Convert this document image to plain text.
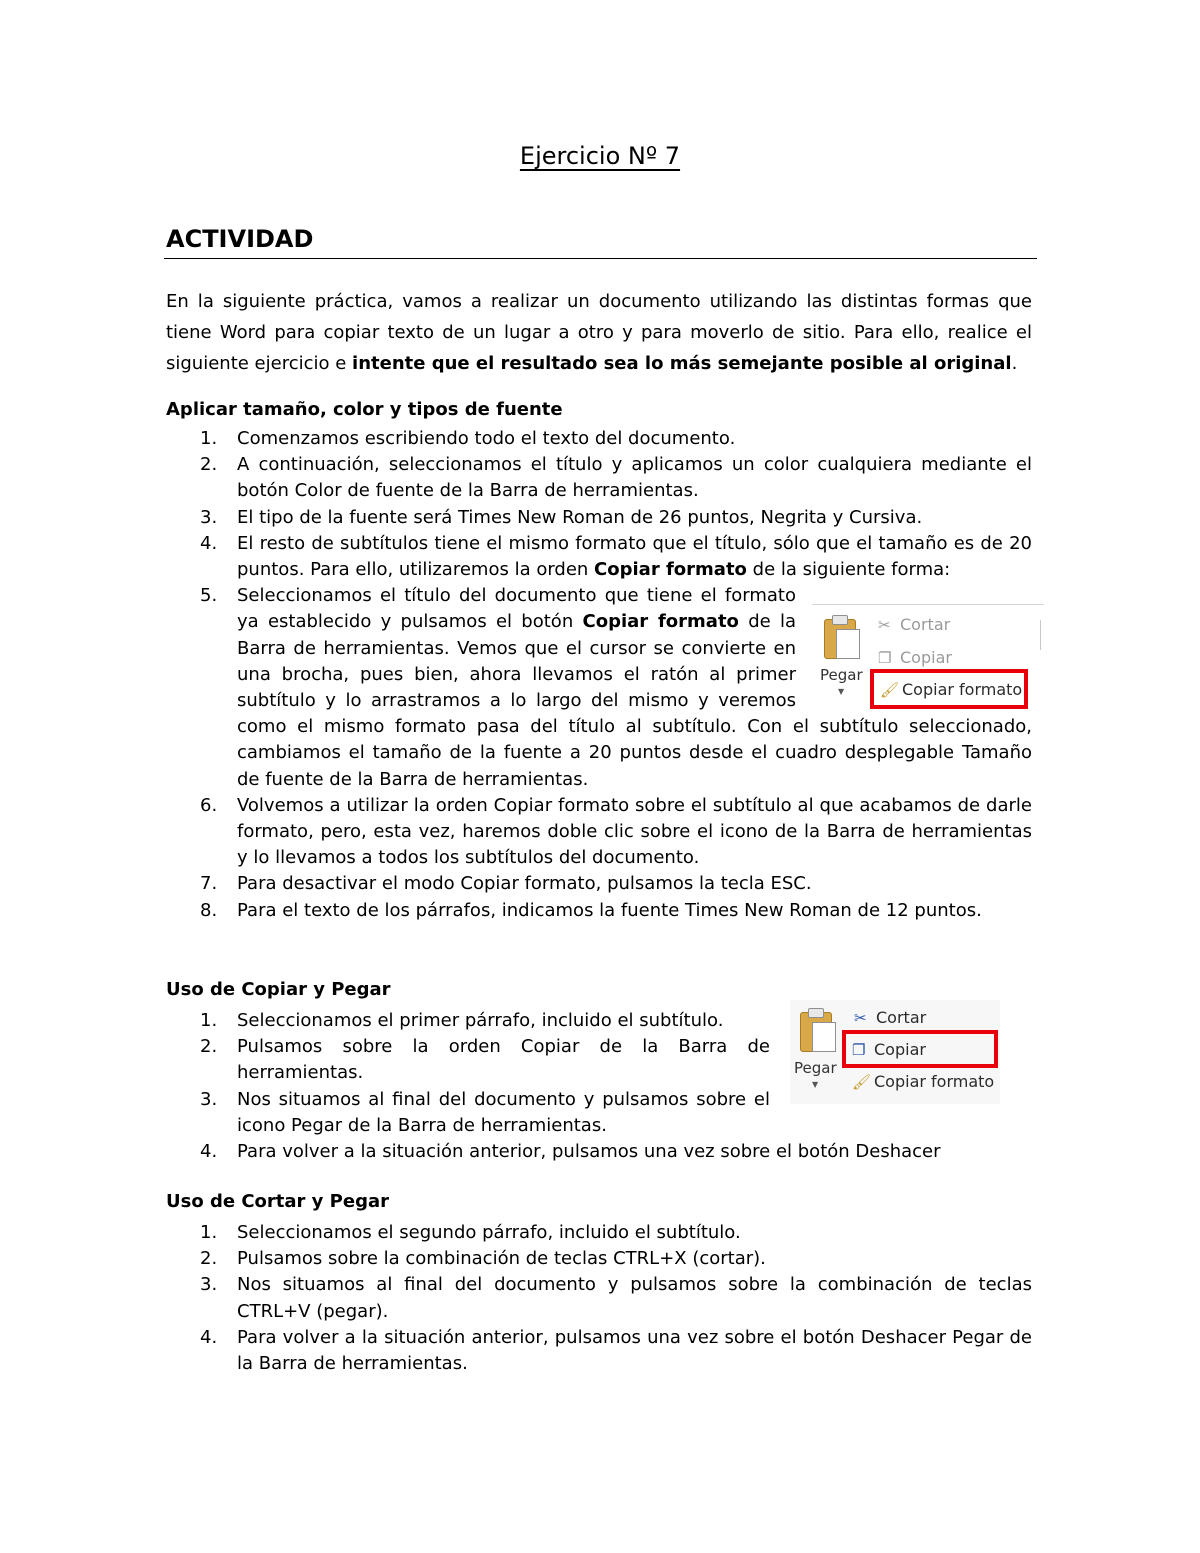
Ejercicio Nº 7
ACTIVIDAD

En la siguiente práctica, vamos a realizar un documento utilizando las distintas formas que tiene Word para copiar texto de un lugar a otro y para moverlo de sitio. Para ello, realice el siguiente ejercicio e intente que el resultado sea lo más semejante posible al original.

Aplicar tamaño, color y tipos de fuente
1. Comenzamos escribiendo todo el texto del documento.
2. A continuación, seleccionamos el título y aplicamos un color cualquiera mediante el botón Color de fuente de la Barra de herramientas.
3. El tipo de la fuente será Times New Roman de 26 puntos, Negrita y Cursiva.
4. El resto de subtítulos tiene el mismo formato que el título, sólo que el tamaño es de 20 puntos. Para ello, utilizaremos la orden Copiar formato de la siguiente forma:
5. Seleccionamos el título del documento que tiene el formato ya establecido y pulsamos el botón Copiar formato de la Barra de herramientas. Vemos que el cursor se convierte en una brocha, pues bien, ahora llevamos el ratón al primer subtítulo y lo arrastramos a lo largo del mismo y veremos como el mismo formato pasa del título al subtítulo. Con el subtítulo seleccionado, cambiamos el tamaño de la fuente a 20 puntos desde el cuadro desplegable Tamaño de fuente de la Barra de herramientas.
6. Volvemos a utilizar la orden Copiar formato sobre el subtítulo al que acabamos de darle formato, pero, esta vez, haremos doble clic sobre el icono de la Barra de herramientas y lo llevamos a todos los subtítulos del documento.
7. Para desactivar el modo Copiar formato, pulsamos la tecla ESC.
8. Para el texto de los párrafos, indicamos la fuente Times New Roman de 12 puntos.
Pegar
▼
✂ Cortar
❐ Copiar
🖌 Copiar formato
Uso de Copiar y Pegar
1. Seleccionamos el primer párrafo, incluido el subtítulo.
2. Pulsamos sobre la orden Copiar de la Barra de herramientas.
3. Nos situamos al final del documento y pulsamos sobre el icono Pegar de la Barra de herramientas.
4. Para volver a la situación anterior, pulsamos una vez sobre el botón Deshacer
Pegar
▼
✂ Cortar
❐ Copiar
🖌 Copiar formato
Uso de Cortar y Pegar
1. Seleccionamos el segundo párrafo, incluido el subtítulo.
2. Pulsamos sobre la combinación de teclas CTRL+X (cortar).
3. Nos situamos al final del documento y pulsamos sobre la combinación de teclas CTRL+V (pegar).
4. Para volver a la situación anterior, pulsamos una vez sobre el botón Deshacer Pegar de la Barra de herramientas.
